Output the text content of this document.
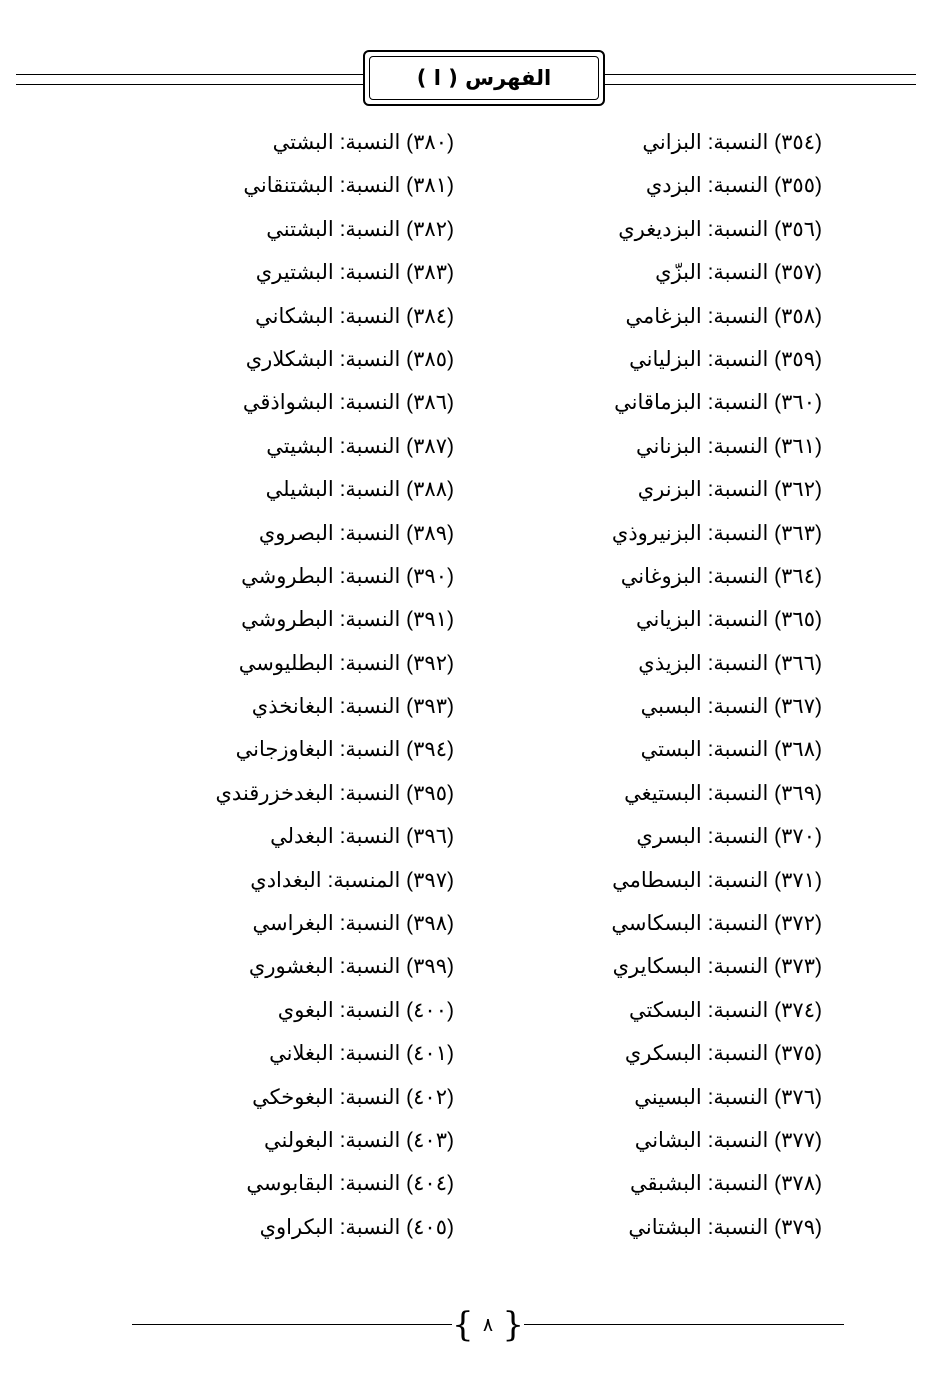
الفهرس ( ا )
(٣٥٤) النسبة: البزاني
(٣٥٥) النسبة: البزدي
(٣٥٦) النسبة: البزديغري
(٣٥٧) النسبة: البزّي
(٣٥٨) النسبة: البزغامي
(٣٥٩) النسبة: البزلياني
(٣٦٠) النسبة: البزماقاني
(٣٦١) النسبة: البزناني
(٣٦٢) النسبة: البزنري
(٣٦٣) النسبة: البزنيروذي
(٣٦٤) النسبة: البزوغاني
(٣٦٥) النسبة: البزياني
(٣٦٦) النسبة: البزيذي
(٣٦٧) النسبة: البسبي
(٣٦٨) النسبة: البستي
(٣٦٩) النسبة: البستيغي
(٣٧٠) النسبة: البسري
(٣٧١) النسبة: البسطامي
(٣٧٢) النسبة: البسكاسي
(٣٧٣) النسبة: البسكايري
(٣٧٤) النسبة: البسكتي
(٣٧٥) النسبة: البسكري
(٣٧٦) النسبة: البسيني
(٣٧٧) النسبة: البشاني
(٣٧٨) النسبة: البشبقي
(٣٧٩) النسبة: البشتاني
(٣٨٠) النسبة: البشتي
(٣٨١) النسبة: البشتنقاني
(٣٨٢) النسبة: البشتني
(٣٨٣) النسبة: البشتيري
(٣٨٤) النسبة: البشكاني
(٣٨٥) النسبة: البشكلاري
(٣٨٦) النسبة: البشواذقي
(٣٨٧) النسبة: البشيتي
(٣٨٨) النسبة: البشيلي
(٣٨٩) النسبة: البصروي
(٣٩٠) النسبة: البطروشي
(٣٩١) النسبة: البطروشي
(٣٩٢) النسبة: البطليوسي
(٣٩٣) النسبة: البغانخذي
(٣٩٤) النسبة: البغاوزجاني
(٣٩٥) النسبة: البغدخزرقندي
(٣٩٦) النسبة: البغدلي
(٣٩٧) المنسبة: البغدادي
(٣٩٨) النسبة: البغراسي
(٣٩٩) النسبة: البغشوري
(٤٠٠) النسبة: البغوي
(٤٠١) النسبة: البغلاني
(٤٠٢) النسبة: البغوخكي
(٤٠٣) النسبة: البغولني
(٤٠٤) النسبة: البقابوسي
(٤٠٥) النسبة: البكراوي
{ ٨ }
